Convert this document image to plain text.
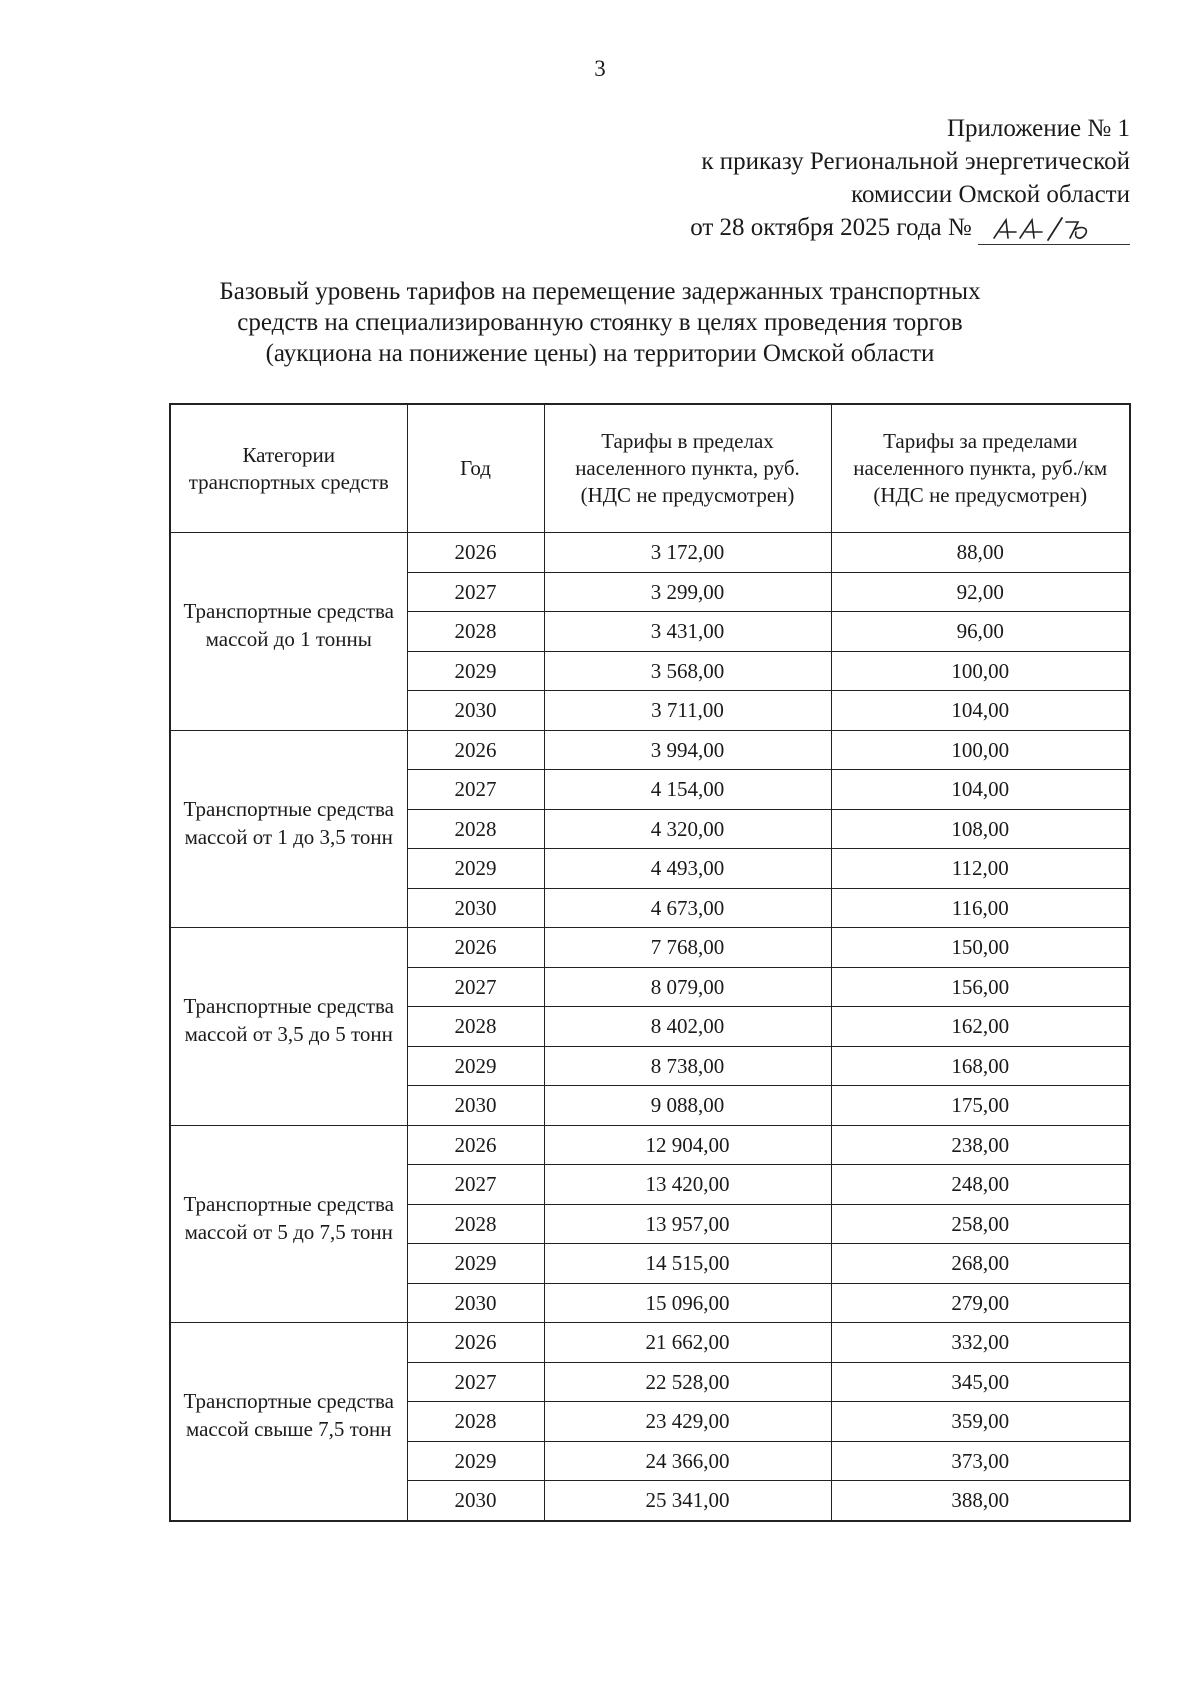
3
Приложение № 1
к приказу Региональной энергетической
комиссии Омской области
от 28 октября 2025 года №
Базовый уровень тарифов на перемещение задержанных транспортных
средств на специализированную стоянку в целях проведения торгов
(аукциона на понижение цены) на территории Омской области
Категории транспортных средств	Год	Тарифы в пределах населенного пункта, руб. (НДС не предусмотрен)	Тарифы за пределами населенного пункта, руб./км (НДС не предусмотрен)
Транспортные средства массой до 1 тонны	2026	3 172,00	88,00
	2027	3 299,00	92,00
	2028	3 431,00	96,00
	2029	3 568,00	100,00
	2030	3 711,00	104,00
Транспортные средства массой от 1 до 3,5 тонн	2026	3 994,00	100,00
	2027	4 154,00	104,00
	2028	4 320,00	108,00
	2029	4 493,00	112,00
	2030	4 673,00	116,00
Транспортные средства массой от 3,5 до 5 тонн	2026	7 768,00	150,00
	2027	8 079,00	156,00
	2028	8 402,00	162,00
	2029	8 738,00	168,00
	2030	9 088,00	175,00
Транспортные средства массой от 5 до 7,5 тонн	2026	12 904,00	238,00
	2027	13 420,00	248,00
	2028	13 957,00	258,00
	2029	14 515,00	268,00
	2030	15 096,00	279,00
Транспортные средства массой свыше 7,5 тонн	2026	21 662,00	332,00
	2027	22 528,00	345,00
	2028	23 429,00	359,00
	2029	24 366,00	373,00
	2030	25 341,00	388,00
